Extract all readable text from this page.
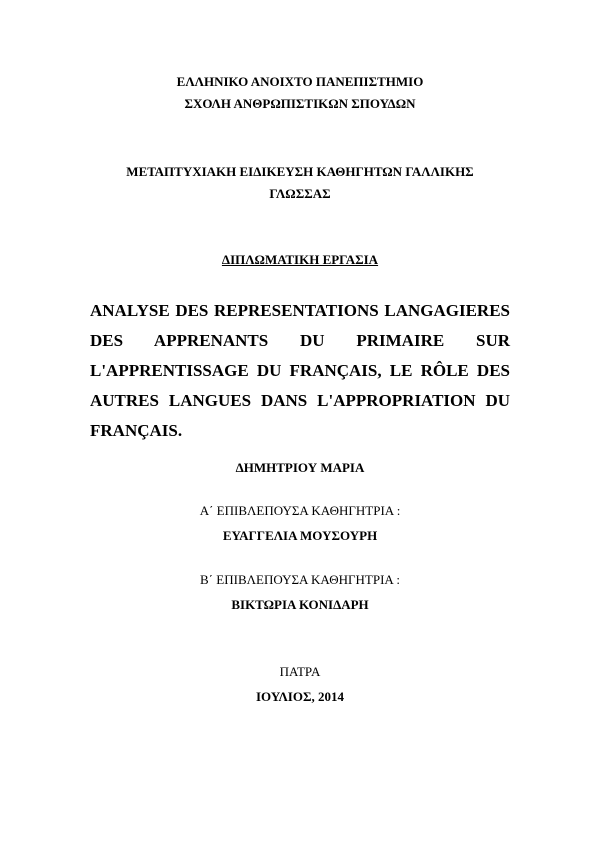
ΕΛΛΗΝΙΚΟ ΑΝΟΙΧΤΟ ΠΑΝΕΠΙΣΤΗΜΙΟ

ΣΧΟΛΗ ΑΝΘΡΩΠΙΣΤΙΚΩΝ ΣΠΟΥΔΩΝ

ΜΕΤΑΠΤΥΧΙΑΚΗ ΕΙΔΙΚΕΥΣΗ ΚΑΘΗΓΗΤΩΝ ΓΑΛΛΙΚΗΣ

ΓΛΩΣΣΑΣ

ΔΙΠΛΩΜΑΤΙΚΗ ΕΡΓΑΣΙΑ

ANALYSE DES REPRESENTATIONS LANGAGIERES
DES APPRENANTS DU PRIMAIRE SUR
L'APPRENTISSAGE DU FRANÇAIS, LE RÔLE DES
AUTRES LANGUES DANS L'APPROPRIATION DU
FRANÇAIS.

ΔΗΜΗΤΡΙΟΥ ΜΑΡΙΑ

Α΄ ΕΠΙΒΛΕΠΟΥΣΑ ΚΑΘΗΓΗΤΡΙΑ :

ΕΥΑΓΓΕΛΙΑ ΜΟΥΣΟΥΡΗ

Β΄ ΕΠΙΒΛΕΠΟΥΣΑ ΚΑΘΗΓΗΤΡΙΑ :

ΒΙΚΤΩΡΙΑ ΚΟΝΙΔΑΡΗ

ΠΑΤΡΑ

ΙΟΥΛΙΟΣ, 2014
